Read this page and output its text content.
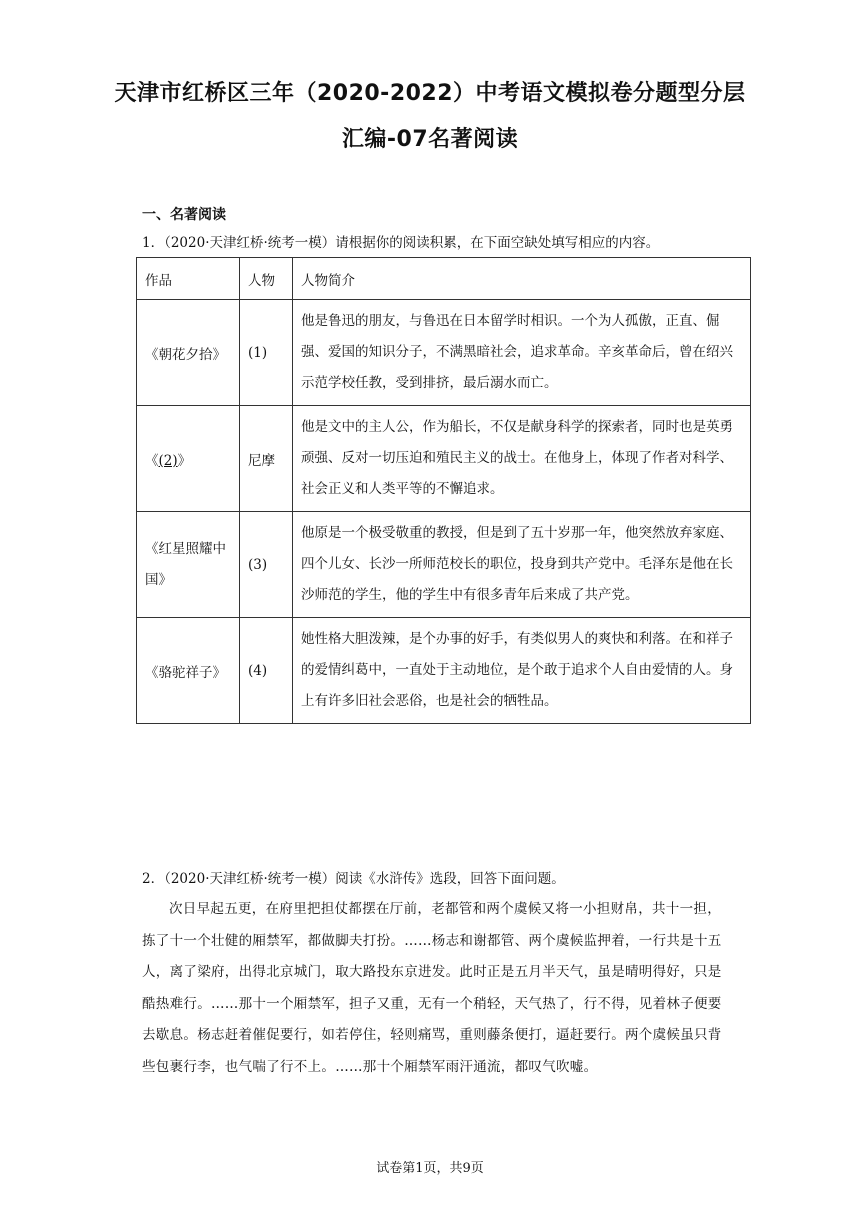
天津市红桥区三年（2020-2022）中考语文模拟卷分题型分层
汇编-07名著阅读
一、名著阅读
1．（2020·天津红桥·统考一模）请根据你的阅读积累，在下面空缺处填写相应的内容。
作品	人物	人物简介
《朝花夕拾》	(1)	他是鲁迅的朋友，与鲁迅在日本留学时相识。一个为人孤傲，正直、倔强、爱国的知识分子，不满黑暗社会，追求革命。辛亥革命后，曾在绍兴示范学校任教，受到排挤，最后溺水而亡。
《(2)》	尼摩	他是文中的主人公，作为船长，不仅是献身科学的探索者，同时也是英勇顽强、反对一切压迫和殖民主义的战士。在他身上，体现了作者对科学、社会正义和人类平等的不懈追求。
《红星照耀中国》	(3)	他原是一个极受敬重的教授，但是到了五十岁那一年，他突然放弃家庭、四个儿女、长沙一所师范校长的职位，投身到共产党中。毛泽东是他在长沙师范的学生，他的学生中有很多青年后来成了共产党。
《骆驼祥子》	(4)	她性格大胆泼辣，是个办事的好手，有类似男人的爽快和利落。在和祥子的爱情纠葛中，一直处于主动地位，是个敢于追求个人自由爱情的人。身上有许多旧社会恶俗，也是社会的牺牲品。
2．（2020·天津红桥·统考一模）阅读《水浒传》选段，回答下面问题。
次日早起五更，在府里把担仗都摆在厅前，老都管和两个虞候又将一小担财帛，共十一担，拣了十一个壮健的厢禁军，都做脚夫打扮。……杨志和谢都管、两个虞候监押着，一行共是十五人，离了梁府，出得北京城门，取大路投东京进发。此时正是五月半天气，虽是晴明得好，只是酷热难行。……那十一个厢禁军，担子又重，无有一个稍轻，天气热了，行不得，见着林子便要去歇息。杨志赶着催促要行，如若停住，轻则痛骂，重则藤条便打，逼赶要行。两个虞候虽只背些包裹行李，也气喘了行不上。……那十个厢禁军雨汗通流，都叹气吹嘘。
试卷第1页，共9页
